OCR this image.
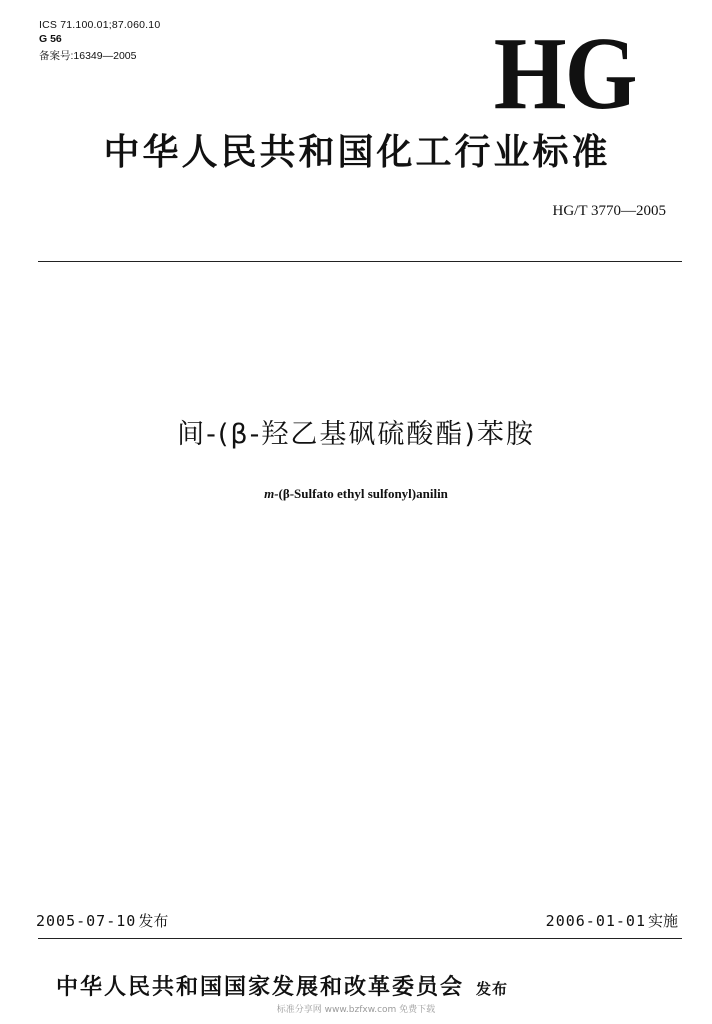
ICS 71.100.01;87.060.10
G 56
备案号:16349—2005	HG
中华人民共和国化工行业标准
HG/T 3770—2005
间-(β-羟乙基砜硫酸酯)苯胺
m-(β-Sulfato ethyl sulfonyl)anilin
2005-07-10 发布	2006-01-01 实施
中华人民共和国国家发展和改革委员会 发布
标准分享网 www.bzfxw.com 免费下载
